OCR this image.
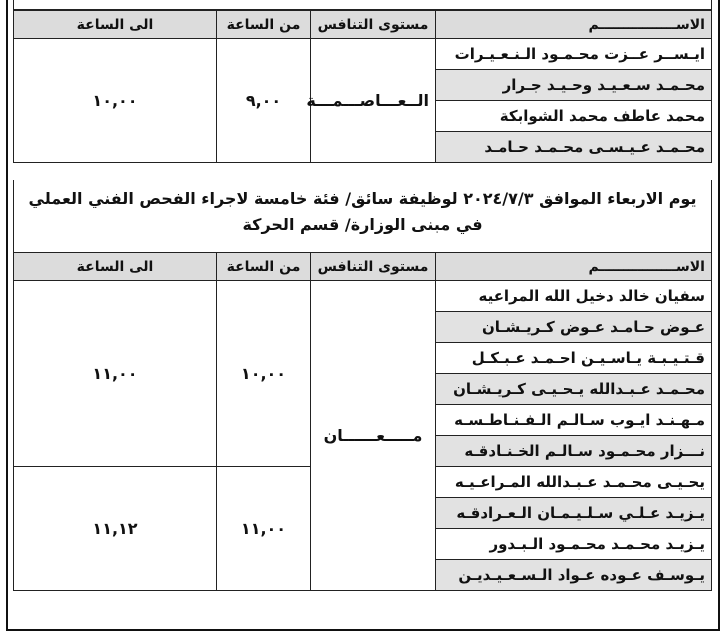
الاســــــــــــــــم	مستوى التنافس	من الساعة	الى الساعة
ايـســر عــزت محـمـود الـنـعـيـرات	الــعـــاصـــمـــة	٩,٠٠	١٠,٠٠
محـمـد سـعـيـد وحـيـد جـرار			
محمد عاطف محمد الشوابكة			
محـمـد عـيـسـى محـمـد حـامـد			
يوم الاربعاء الموافق ٢٠٢٤/٧/٣ لوظيفة سائق/ فئة خامسة لاجراء الفحص الفني العملي
في مبنى الوزارة/ قسم الحركة
الاســــــــــــــــم	مستوى التنافس	من الساعة	الى الساعة
سفيان خالد دخيل الله المراعيه	مـــــعــــــان	١٠,٠٠	١١,٠٠
عـوض حـامـد عـوض كـريـشـان			
قـتـيـبـة يـاسـيـن احـمـد عـبـكـل			
محـمـد عـبـدالله يـحـيـى كـريـشـان			
مـهـنـد ايـوب سـالـم الـفـنـاطـسـه			
نـــزار محـمـود سـالـم الخـنـادقـه			
يحـيـى محـمـد عـبـدالله المـراعـيـه		١١,٠٠	١١,١٢
يـزيـد عـلـي سـلـيـمـان الـعـرادقـه			
يـزيـد محـمـد محـمـود الـبـدور			
يـوسـف عـوده عـواد الـسـعـيـديـن			
